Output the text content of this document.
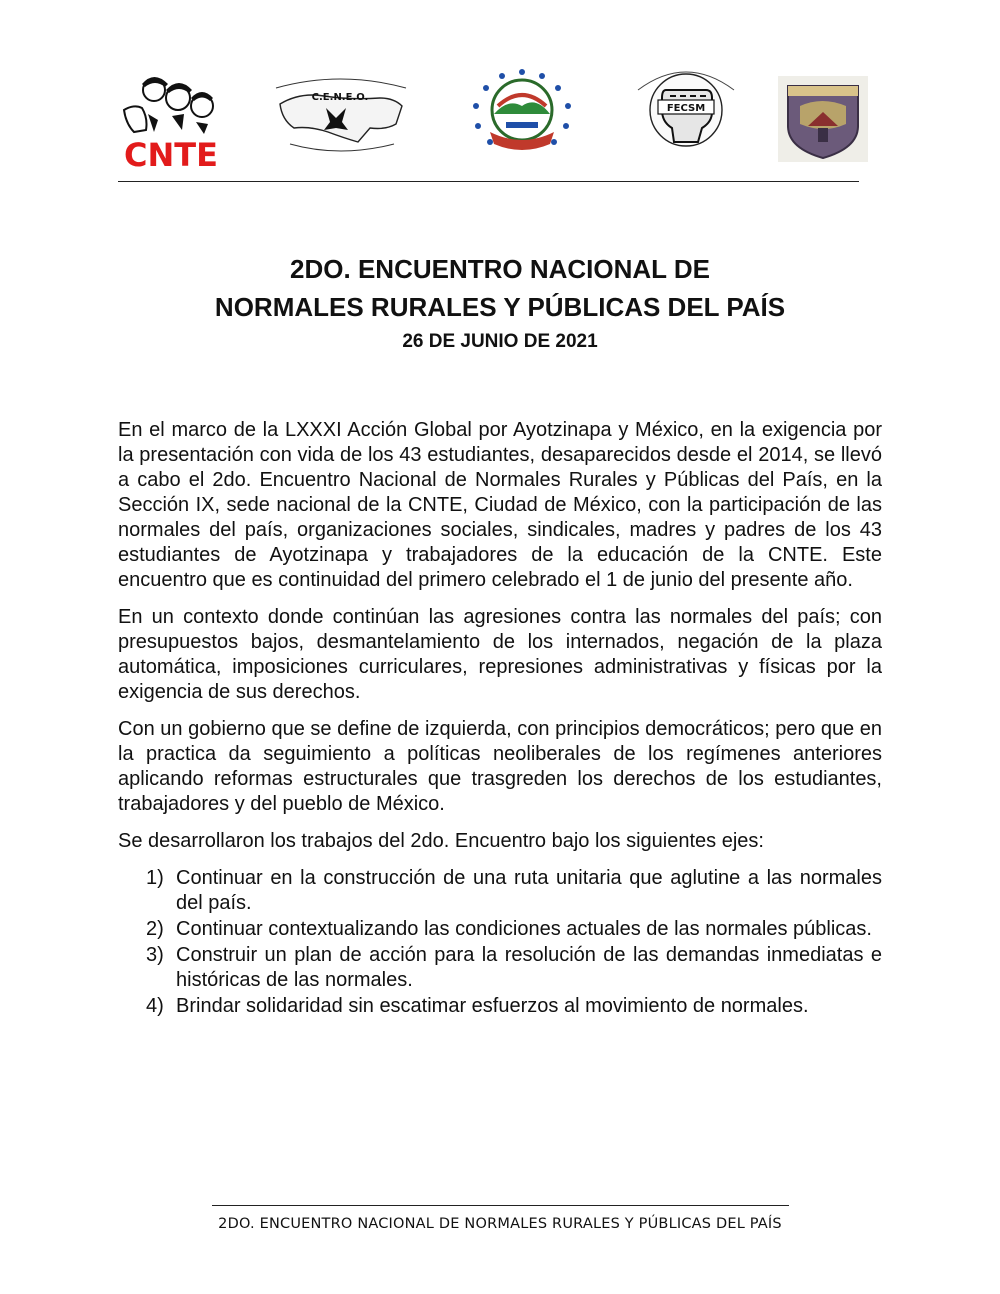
CNTE
C.E.N.E.O.
FECSM
2DO. ENCUENTRO NACIONAL DE
NORMALES RURALES Y PÚBLICAS DEL PAÍS
26 DE JUNIO DE 2021

En el marco de la LXXXI Acción Global por Ayotzinapa y México, en la exigencia por la presentación con vida de los 43 estudiantes, desaparecidos desde el 2014, se llevó a cabo el 2do. Encuentro Nacional de Normales Rurales y Públicas del País, en la Sección IX, sede nacional de la CNTE, Ciudad de México, con la participación de las normales del país, organizaciones sociales, sindicales, madres y padres de los 43 estudiantes de Ayotzinapa y trabajadores de la educación de la CNTE. Este encuentro que es continuidad del primero celebrado el 1 de junio del presente año.

En un contexto donde continúan las agresiones contra las normales del país; con presupuestos bajos, desmantelamiento de los internados, negación de la plaza automática, imposiciones curriculares, represiones administrativas y físicas por la exigencia de sus derechos.

Con un gobierno que se define de izquierda, con principios democráticos; pero que en la practica da seguimiento a políticas neoliberales de los regímenes anteriores aplicando reformas estructurales que trasgreden los derechos de los estudiantes, trabajadores y del pueblo de México.

Se desarrollaron los trabajos del 2do. Encuentro bajo los siguientes ejes:

1) Continuar en la construcción de una ruta unitaria que aglutine a las normales del país.
2) Continuar contextualizando las condiciones actuales de las normales públicas.
3) Construir un plan de acción para la resolución de las demandas inmediatas e históricas de las normales.
4) Brindar solidaridad sin escatimar esfuerzos al movimiento de normales.
2DO. ENCUENTRO NACIONAL DE NORMALES RURALES Y PÚBLICAS DEL PAÍS
